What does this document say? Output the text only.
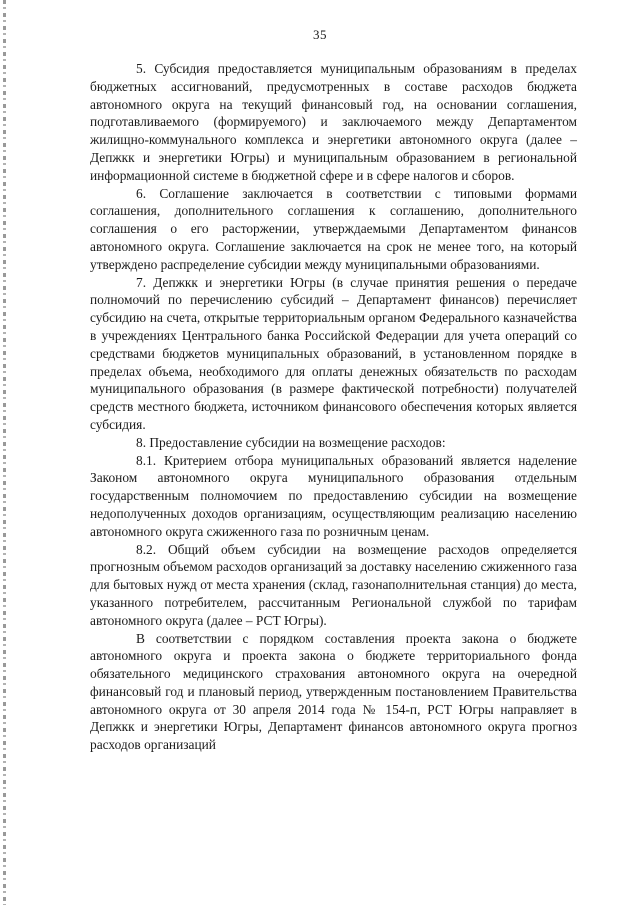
35

5. Субсидия предоставляется муниципальным образованиям в пределах бюджетных ассигнований, предусмотренных в составе расходов бюджета автономного округа на текущий финансовый год, на основании соглашения, подготавливаемого (формируемого) и заключаемого между Департаментом жилищно-коммунального комплекса и энергетики автономного округа (далее – Депжкк и энергетики Югры) и муниципальным образованием в региональной информационной системе в бюджетной сфере и в сфере налогов и сборов.

6. Соглашение заключается в соответствии с типовыми формами соглашения, дополнительного соглашения к соглашению, дополнительного соглашения о его расторжении, утверждаемыми Департаментом финансов автономного округа. Соглашение заключается на срок не менее того, на который утверждено распределение субсидии между муниципальными образованиями.

7. Депжкк и энергетики Югры (в случае принятия решения о передаче полномочий по перечислению субсидий – Департамент финансов) перечисляет субсидию на счета, открытые территориальным органом Федерального казначейства в учреждениях Центрального банка Российской Федерации для учета операций со средствами бюджетов муниципальных образований, в установленном порядке в пределах объема, необходимого для оплаты денежных обязательств по расходам муниципального образования (в размере фактической потребности) получателей средств местного бюджета, источником финансового обеспечения которых является субсидия.

8. Предоставление субсидии на возмещение расходов:

8.1. Критерием отбора муниципальных образований является наделение Законом автономного округа муниципального образования отдельным государственным полномочием по предоставлению субсидии на возмещение недополученных доходов организациям, осуществляющим реализацию населению автономного округа сжиженного газа по розничным ценам.

8.2. Общий объем субсидии на возмещение расходов определяется прогнозным объемом расходов организаций за доставку населению сжиженного газа для бытовых нужд от места хранения (склад, газонаполнительная станция) до места, указанного потребителем, рассчитанным Региональной службой по тарифам автономного округа (далее – РСТ Югры).

В соответствии с порядком составления проекта закона о бюджете автономного округа и проекта закона о бюджете территориального фонда обязательного медицинского страхования автономного округа на очередной финансовый год и плановый период, утвержденным постановлением Правительства автономного округа от 30 апреля 2014 года № 154-п, РСТ Югры направляет в Депжкк и энергетики Югры, Департамент финансов автономного округа прогноз расходов организаций
